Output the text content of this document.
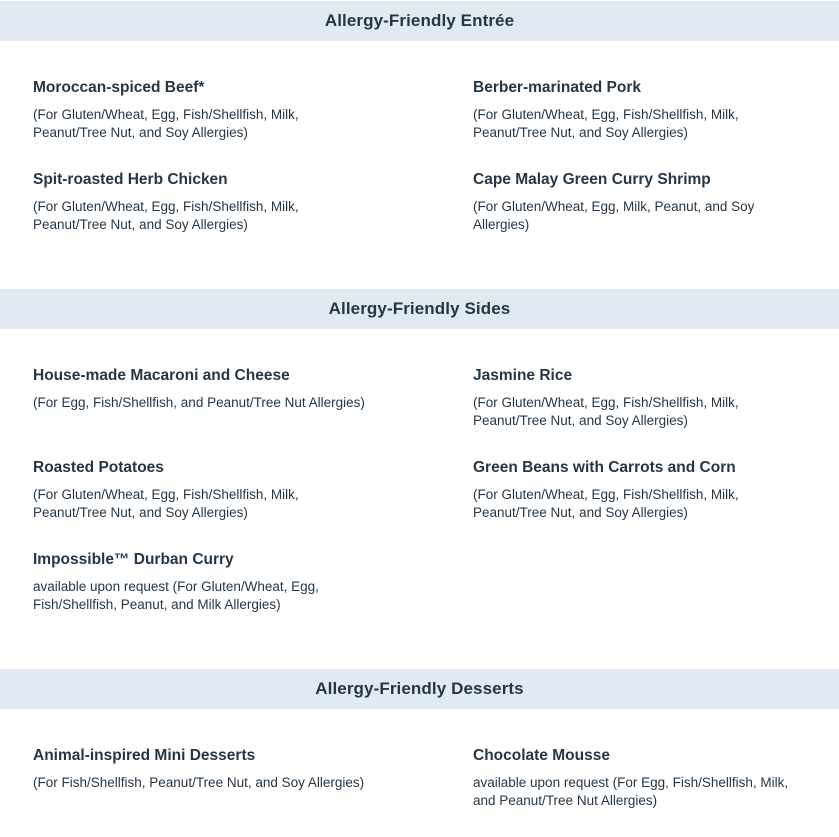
Allergy-Friendly Entrée

Moroccan-spiced Beef*

(For Gluten/Wheat, Egg, Fish/Shellfish, Milk, Peanut/Tree Nut, and Soy Allergies)

Berber-marinated Pork

(For Gluten/Wheat, Egg, Fish/Shellfish, Milk, Peanut/Tree Nut, and Soy Allergies)

Spit-roasted Herb Chicken

(For Gluten/Wheat, Egg, Fish/Shellfish, Milk, Peanut/Tree Nut, and Soy Allergies)

Cape Malay Green Curry Shrimp

(For Gluten/Wheat, Egg, Milk, Peanut, and Soy Allergies)

Allergy-Friendly Sides

House-made Macaroni and Cheese

(For Egg, Fish/Shellfish, and Peanut/Tree Nut Allergies)

Jasmine Rice

(For Gluten/Wheat, Egg, Fish/Shellfish, Milk, Peanut/Tree Nut, and Soy Allergies)

Roasted Potatoes

(For Gluten/Wheat, Egg, Fish/Shellfish, Milk, Peanut/Tree Nut, and Soy Allergies)

Green Beans with Carrots and Corn

(For Gluten/Wheat, Egg, Fish/Shellfish, Milk, Peanut/Tree Nut, and Soy Allergies)

Impossible™ Durban Curry

available upon request (For Gluten/Wheat, Egg, Fish/Shellfish, Peanut, and Milk Allergies)

Allergy-Friendly Desserts

Animal-inspired Mini Desserts

(For Fish/Shellfish, Peanut/Tree Nut, and Soy Allergies)

Chocolate Mousse

available upon request (For Egg, Fish/Shellfish, Milk, and Peanut/Tree Nut Allergies)
